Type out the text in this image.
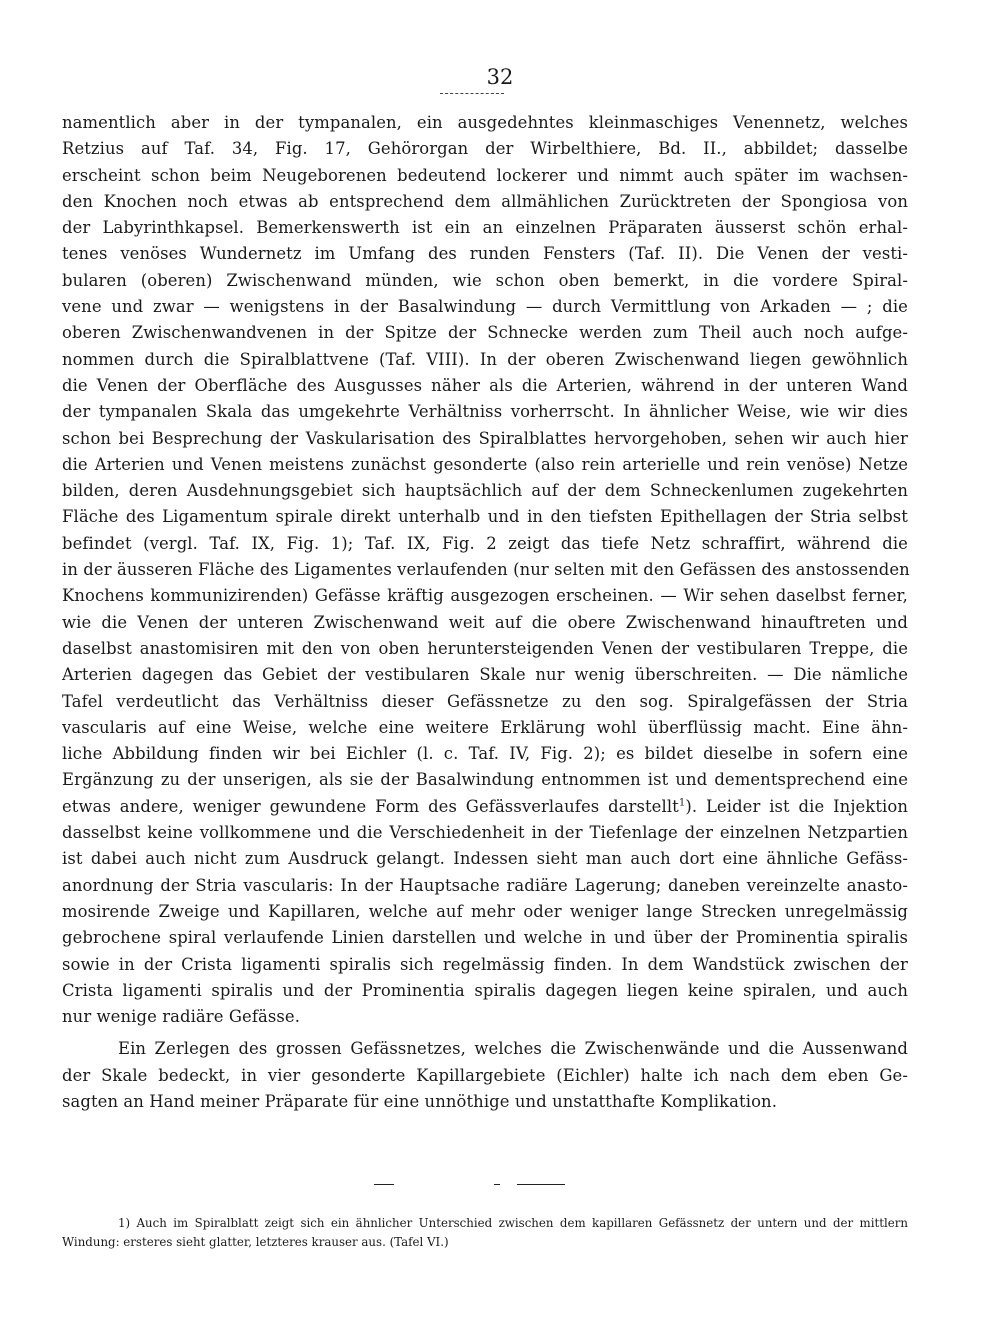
32
namentlich aber in der tympanalen, ein ausgedehntes kleinmaschiges Venennetz, welches
Retzius auf Taf. 34, Fig. 17, Gehörorgan der Wirbelthiere, Bd. II., abbildet; dasselbe
erscheint schon beim Neugeborenen bedeutend lockerer und nimmt auch später im wachsen-
den Knochen noch etwas ab entsprechend dem allmählichen Zurücktreten der Spongiosa von
der Labyrinthkapsel. Bemerkenswerth ist ein an einzelnen Präparaten äusserst schön erhal-
tenes venöses Wundernetz im Umfang des runden Fensters (Taf. II). Die Venen der vesti-
bularen (oberen) Zwischenwand münden, wie schon oben bemerkt, in die vordere Spiral-
vene und zwar — wenigstens in der Basalwindung — durch Vermittlung von Arkaden — ; die
oberen Zwischenwandvenen in der Spitze der Schnecke werden zum Theil auch noch aufge-
nommen durch die Spiralblattvene (Taf. VIII). In der oberen Zwischenwand liegen gewöhnlich
die Venen der Oberfläche des Ausgusses näher als die Arterien, während in der unteren Wand
der tympanalen Skala das umgekehrte Verhältniss vorherrscht. In ähnlicher Weise, wie wir dies
schon bei Besprechung der Vaskularisation des Spiralblattes hervorgehoben, sehen wir auch hier
die Arterien und Venen meistens zunächst gesonderte (also rein arterielle und rein venöse) Netze
bilden, deren Ausdehnungsgebiet sich hauptsächlich auf der dem Schneckenlumen zugekehrten
Fläche des Ligamentum spirale direkt unterhalb und in den tiefsten Epithellagen der Stria selbst
befindet (vergl. Taf. IX, Fig. 1); Taf. IX, Fig. 2 zeigt das tiefe Netz schraffirt, während die
in der äusseren Fläche des Ligamentes verlaufenden (nur selten mit den Gefässen des anstossenden
Knochens kommunizirenden) Gefässe kräftig ausgezogen erscheinen. — Wir sehen daselbst ferner,
wie die Venen der unteren Zwischenwand weit auf die obere Zwischenwand hinauftreten und
daselbst anastomisiren mit den von oben heruntersteigenden Venen der vestibularen Treppe, die
Arterien dagegen das Gebiet der vestibularen Skale nur wenig überschreiten. — Die nämliche
Tafel verdeutlicht das Verhältniss dieser Gefässnetze zu den sog. Spiralgefässen der Stria
vascularis auf eine Weise, welche eine weitere Erklärung wohl überflüssig macht. Eine ähn-
liche Abbildung finden wir bei Eichler (l. c. Taf. IV, Fig. 2); es bildet dieselbe in sofern eine
Ergänzung zu der unserigen, als sie der Basalwindung entnommen ist und dementsprechend eine
etwas andere, weniger gewundene Form des Gefässverlaufes darstellt$^1$). Leider ist die Injektion
dasselbst keine vollkommene und die Verschiedenheit in der Tiefenlage der einzelnen Netzpartien
ist dabei auch nicht zum Ausdruck gelangt. Indessen sieht man auch dort eine ähnliche Gefäss-
anordnung der Stria vascularis: In der Hauptsache radiäre Lagerung; daneben vereinzelte anasto-
mosirende Zweige und Kapillaren, welche auf mehr oder weniger lange Strecken unregelmässig
gebrochene spiral verlaufende Linien darstellen und welche in und über der Prominentia spiralis
sowie in der Crista ligamenti spiralis sich regelmässig finden. In dem Wandstück zwischen der
Crista ligamenti spiralis und der Prominentia spiralis dagegen liegen keine spiralen, und auch
nur wenige radiäre Gefässe.
Ein Zerlegen des grossen Gefässnetzes, welches die Zwischenwände und die Aussenwand
der Skale bedeckt, in vier gesonderte Kapillargebiete (Eichler) halte ich nach dem eben Ge-
sagten an Hand meiner Präparate für eine unnöthige und unstatthafte Komplikation.
1) Auch im Spiralblatt zeigt sich ein ähnlicher Unterschied zwischen dem kapillaren Gefässnetz der untern und der mittlern
Windung: ersteres sieht glatter, letzteres krauser aus. (Tafel VI.)
